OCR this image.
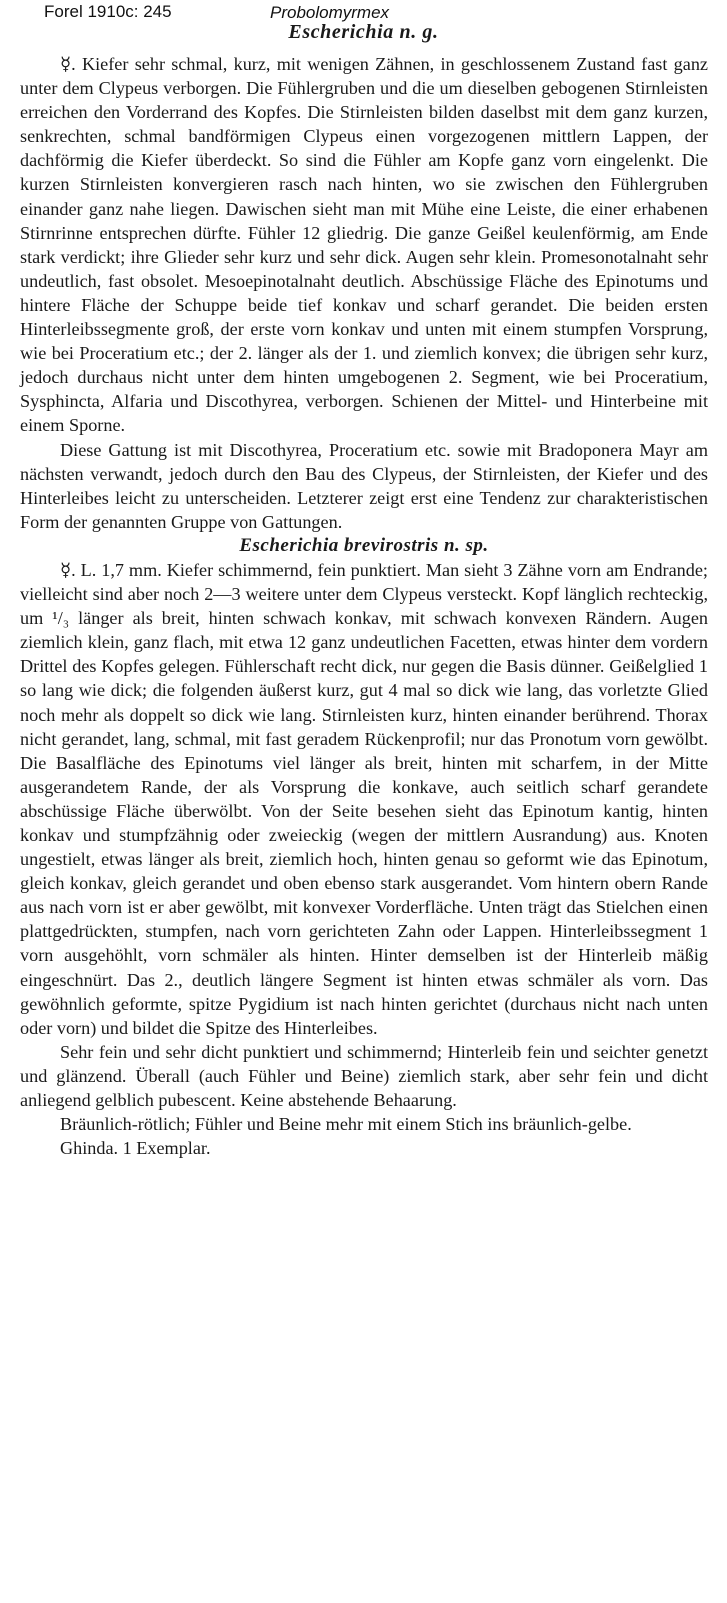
Forel 1910c: 245	Probolomyrmex
Escherichia n. g.

☿. Kiefer sehr schmal, kurz, mit wenigen Zähnen, in geschlossenem Zustand fast ganz unter dem Clypeus verborgen. Die Fühlergruben und die um dieselben gebogenen Stirnleisten erreichen den Vorderrand des Kopfes. Die Stirnleisten bilden daselbst mit dem ganz kurzen, senkrechten, schmal bandförmigen Clypeus einen vorgezogenen mittlern Lappen, der dachförmig die Kiefer überdeckt. So sind die Fühler am Kopfe ganz vorn eingelenkt. Die kurzen Stirnleisten konvergieren rasch nach hinten, wo sie zwischen den Fühlergruben einander ganz nahe liegen. Dawischen sieht man mit Mühe eine Leiste, die einer erhabenen Stirnrinne entsprechen dürfte. Fühler 12 gliedrig. Die ganze Geißel keulenförmig, am Ende stark verdickt; ihre Glieder sehr kurz und sehr dick. Augen sehr klein. Promesonotalnaht sehr undeutlich, fast obsolet. Mesoepinotalnaht deutlich. Abschüssige Fläche des Epinotums und hintere Fläche der Schuppe beide tief konkav und scharf gerandet. Die beiden ersten Hinterleibssegmente groß, der erste vorn konkav und unten mit einem stumpfen Vorsprung, wie bei Proceratium etc.; der 2. länger als der 1. und ziemlich konvex; die übrigen sehr kurz, jedoch durchaus nicht unter dem hinten umgebogenen 2. Segment, wie bei Proceratium, Sysphincta, Alfaria und Discothyrea, verborgen. Schienen der Mittel- und Hinterbeine mit einem Sporne.

Diese Gattung ist mit Discothyrea, Proceratium etc. sowie mit Bradoponera Mayr am nächsten verwandt, jedoch durch den Bau des Clypeus, der Stirnleisten, der Kiefer und des Hinterleibes leicht zu unterscheiden. Letzterer zeigt erst eine Tendenz zur charakteristischen Form der genannten Gruppe von Gattungen.

Escherichia brevirostris n. sp.

☿. L. 1,7 mm. Kiefer schimmernd, fein punktiert. Man sieht 3 Zähne vorn am Endrande; vielleicht sind aber noch 2—3 weitere unter dem Clypeus versteckt. Kopf länglich rechteckig, um ¹/₃ länger als breit, hinten schwach konkav, mit schwach konvexen Rändern. Augen ziemlich klein, ganz flach, mit etwa 12 ganz undeutlichen Facetten, etwas hinter dem vordern Drittel des Kopfes gelegen. Fühlerschaft recht dick, nur gegen die Basis dünner. Geißelglied 1 so lang wie dick; die folgenden äußerst kurz, gut 4 mal so dick wie lang, das vorletzte Glied noch mehr als doppelt so dick wie lang. Stirnleisten kurz, hinten einander berührend. Thorax nicht gerandet, lang, schmal, mit fast geradem Rückenprofil; nur das Pronotum vorn gewölbt. Die Basalfläche des Epinotums viel länger als breit, hinten mit scharfem, in der Mitte ausgerandetem Rande, der als Vorsprung die konkave, auch seitlich scharf gerandete abschüssige Fläche überwölbt. Von der Seite besehen sieht das Epinotum kantig, hinten konkav und stumpfzähnig oder zweieckig (wegen der mittlern Ausrandung) aus. Knoten ungestielt, etwas länger als breit, ziemlich hoch, hinten genau so geformt wie das Epinotum, gleich konkav, gleich gerandet und oben ebenso stark ausgerandet. Vom hintern obern Rande aus nach vorn ist er aber gewölbt, mit konvexer Vorderfläche. Unten trägt das Stielchen einen plattgedrückten, stumpfen, nach vorn gerichteten Zahn oder Lappen. Hinterleibssegment 1 vorn ausgehöhlt, vorn schmäler als hinten. Hinter demselben ist der Hinterleib mäßig eingeschnürt. Das 2., deutlich längere Segment ist hinten etwas schmäler als vorn. Das gewöhnlich geformte, spitze Pygidium ist nach hinten gerichtet (durchaus nicht nach unten oder vorn) und bildet die Spitze des Hinterleibes.

Sehr fein und sehr dicht punktiert und schimmernd; Hinterleib fein und seichter genetzt und glänzend. Überall (auch Fühler und Beine) ziemlich stark, aber sehr fein und dicht anliegend gelblich pubescent. Keine abstehende Behaarung.

Bräunlich-rötlich; Fühler und Beine mehr mit einem Stich ins bräunlich-gelbe.

Ghinda. 1 Exemplar.
